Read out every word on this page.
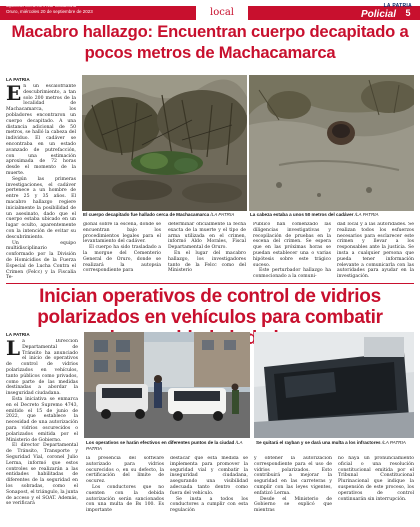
lapatriaenlinea.com /LaPatriaBolivia
Oruro, miércoles 20 de septiembre de 2023	local
LA PATRIA
Policial	5
Macabro hallazgo: Encuentran cuerpo decapitado a pocos metros de Machacamarca
LA PATRIA
En un escalofriante descubrimiento, a tan solo 200 metros de la localidad de Machacamarca, los pobladores encontraron un cuerpo decapitado. A una distancia adicional de 50 metros, se halló la cabeza del individuo. El cadáver se encontraba en un estado avanzado de putrefacción, con una estimación aproximada de 72 horas desde el momento de la muerte.

Según las primeras investigaciones, el cadáver pertenece a un hombre de entre 25 y 35 años. El macabro hallazgo regiere inicialmente la posibilidad de un asesinato, dado que el cuerpo estaba ubicado en un lugar oculto, aparentemente con la intención de evitar su descubrimiento.

Un equipo multidisciplinario conformado por la División de Homicidios de la Fuerza Especial de Lucha Contra el Crimen (Felcc) y la Fiscalía Te-

El cuerpo decapitado fue hallado cerca de Machacamarca /LA PATRIA	La cabeza estaba a unos 50 metros del cadáver /LA PATRIA

gional sobre la escena, donde se encuentran bajo los procedimientos legales para el levantamiento del cadáver.

El cuerpo ha sido trasladado a la morgue del Cementerio General de Oruro, donde se realizará la autopsia correspondiente para

determinar oficialmente la fecha exacta de la muerte y el tipo de arma utilizada en el crimen, informó Aldo Morales, Fiscal Departamental de Oruro.

En el lugar del macabro hallazgo, los investigadores tanto de la Felcc como del Ministerio

Público han comenzado las diligencias investigativas y recopilación de pruebas en la escena del crimen. Se espera que en las próximas horas se puedan establecer una o varias hipótesis sobre este trágico suceso.

Este perturbador hallazgo ha conmocionado a la comuni-

dad local y a las autoridades. Se realizan todos los esfuerzos necesarios para esclarecer este crimen y llevar a los responsables ante la justicia. Se insta a cualquier persona que pueda tener información relevante a comunicarla con las autoridades para ayudar en la investigación.

Inician operativos de control de vidrios polarizados en vehículos para combatir
LA PATRIA
La Dirección Departamental de Tránsito ha anunciado el inicio de operativos de control de vidrios polarizados en vehículos, tanto públicos como privados, como parte de las medidas destinadas a abordar la inseguridad ciudadana.

Esta iniciativa se enmarca en el Decreto Supremo 4743, emitido el 15 de junio de 2022, que establece la necesidad de una autorización para vidrios oscurecidos o polarizados emitida por el Ministerio de Gobierno.

El director Departamental de Tránsito, Transporte y Seguridad Vial, coronel Julio Lerma, informó que estos controles se realizarán a las entidades habilitadas de diferentes de la seguridad en los sobradas, como el Sonapost, el triángulo, la junta de acceso y el SOAT. Además, se verificará

Los operativos se harán efectivos en diferentes puntos de la ciudad /LA PATRIA
Se quitará el rayban y se dará una multa a los infractores /LA PATRIA

la presencia del software autorizado para vidrios oscurecidos o, en su defecto, la certificación del límite de oscurez.

Los conductores que no cuenten con la debida autorización serán sancionados con una multa de Bs 100. Es importante

destacar que esta medida se implementa para promover la seguridad vial y combatir la inseguridad ciudadana, asegurando una visibilidad adecuada tanto dentro como fuera del vehículo.

Se insta a todos los conductores a cumplir con esta regulación

y obtener la autorización correspondiente para el uso de vidrios polarizados. Esto contribuirá a mejorar la seguridad en las carreteras y cumplir con las leyes vigentes, enfatizó Lerma.

Desde el Ministerio de Gobierno se explicó que mientras

no haya un pronunciamiento oficial o una resolución constitucional emitida por el Tribunal Constitucional Plurinacional que indique la suspensión de este proceso, los operativos de control continuarán sin interrupción.
